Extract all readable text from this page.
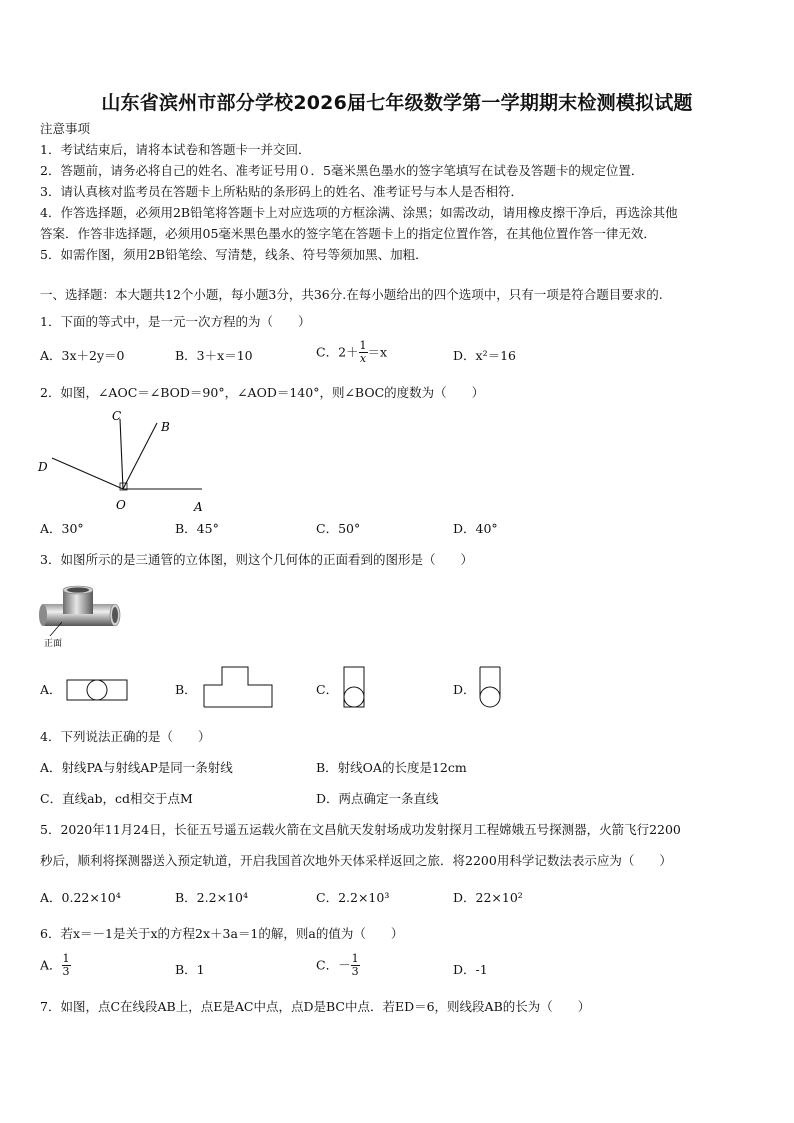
山东省滨州市部分学校2026届七年级数学第一学期期末检测模拟试题
注意事项
1．考试结束后，请将本试卷和答题卡一并交回．
2．答题前，请务必将自己的姓名、准考证号用０．5毫米黑色墨水的签字笔填写在试卷及答题卡的规定位置．
3．请认真核对监考员在答题卡上所粘贴的条形码上的姓名、准考证号与本人是否相符．
4．作答选择题，必须用2B铅笔将答题卡上对应选项的方框涂满、涂黑；如需改动，请用橡皮擦干净后，再选涂其他
答案．作答非选择题，必须用05毫米黑色墨水的签字笔在答题卡上的指定位置作答，在其他位置作答一律无效．
5．如需作图，须用2B铅笔绘、写清楚，线条、符号等须加黑、加粗．
一、选择题：本大题共12个小题，每小题3分，共36分.在每小题给出的四个选项中，只有一项是符合题目要求的.
1．下面的等式中，是一元一次方程的为（　　）
A．3x＋2y＝0	B．3＋x＝10	C．$2+ \frac{1}{x} =x$	D．x²＝16
2．如图，∠AOC＝∠BOD＝90°，∠AOD＝140°，则∠BOC的度数为（　　）
C
B
D
O	A
A．30°	B．45°	C．50°	D．40°
3．如图所示的是三通管的立体图，则这个几何体的正面看到的图形是（　　）
正面
A．	B．	C．	D．
4．下列说法正确的是（　　）
A．射线PA与射线AP是同一条射线	B．射线OA的长度是12cm
C．直线ab，cd相交于点M	D．两点确定一条直线
5．2020年11月24日，长征五号遥五运载火箭在文昌航天发射场成功发射探月工程嫦娥五号探测器，火箭飞行2200
秒后，顺利将探测器送入预定轨道，开启我国首次地外天体采样返回之旅．将2200用科学记数法表示应为（　　）
A．0.22×10⁴	B．2.2×10⁴	C．2.2×10³	D．22×10²
6．若x＝－1是关于x的方程2x＋3a＝1的解，则a的值为（　　）
A． $\frac{1}{3}$	B．1	C．－ $\frac{1}{3}$	D．-1
7．如图，点C在线段AB上，点E是AC中点，点D是BC中点．若ED＝6，则线段AB的长为（　　）
